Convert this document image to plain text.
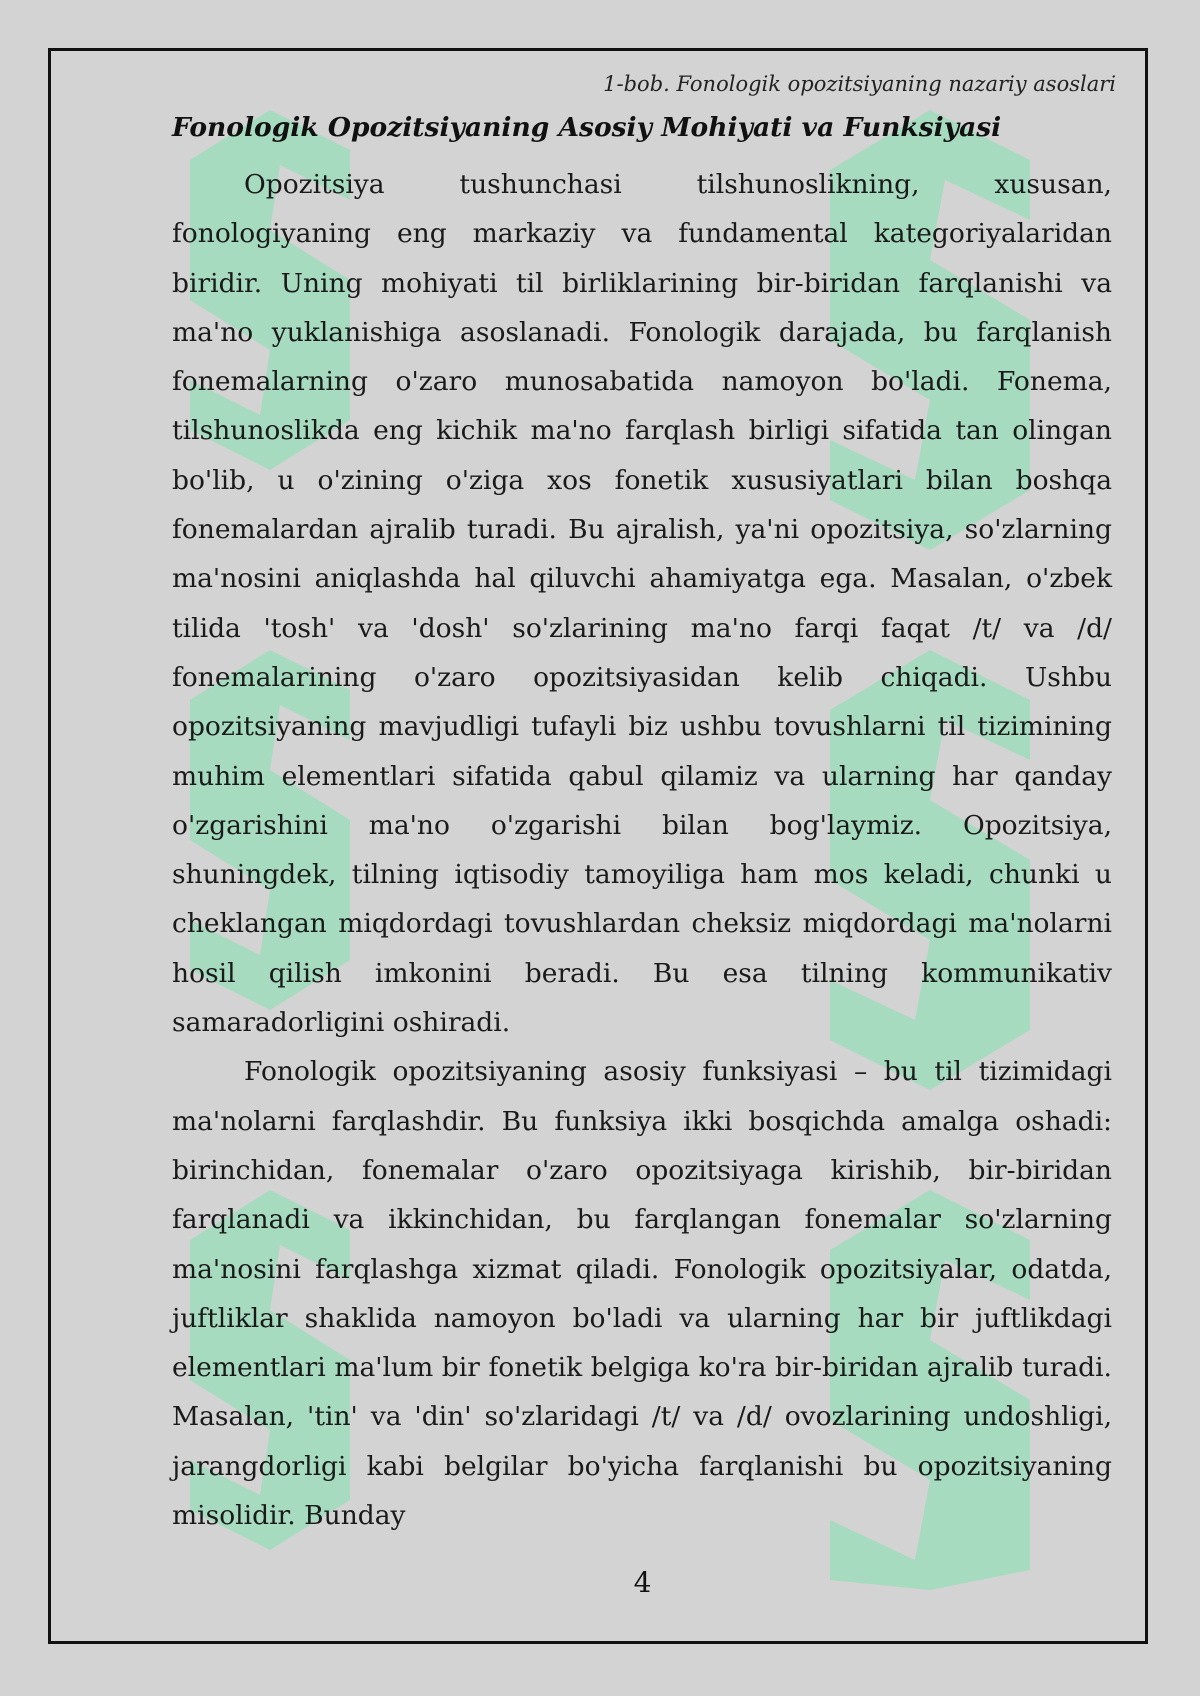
1-bob. Fonologik opozitsiyaning nazariy asoslari
Fonologik Opozitsiyaning Asosiy Mohiyati va Funksiyasi

Opozitsiya tushunchasi tilshunoslikning, xususan, fonologiyaning eng markaziy va fundamental kategoriyalaridan biridir. Uning mohiyati til birliklarining bir-biridan farqlanishi va ma'no yuklanishiga asoslanadi. Fonologik darajada, bu farqlanish fonemalarning o'zaro munosabatida namoyon bo'ladi. Fonema, tilshunoslikda eng kichik ma'no farqlash birligi sifatida tan olingan bo'lib, u o'zining o'ziga xos fonetik xususiyatlari bilan boshqa fonemalardan ajralib turadi. Bu ajralish, ya'ni opozitsiya, so'zlarning ma'nosini aniqlashda hal qiluvchi ahamiyatga ega. Masalan, o'zbek tilida 'tosh' va 'dosh' so'zlarining ma'no farqi faqat /t/ va /d/ fonemalarining o'zaro opozitsiyasidan kelib chiqadi. Ushbu opozitsiyaning mavjudligi tufayli biz ushbu tovushlarni til tizimining muhim elementlari sifatida qabul qilamiz va ularning har qanday o'zgarishini ma'no o'zgarishi bilan bog'laymiz. Opozitsiya, shuningdek, tilning iqtisodiy tamoyiliga ham mos keladi, chunki u cheklangan miqdordagi tovushlardan cheksiz miqdordagi ma'nolarni hosil qilish imkonini beradi. Bu esa tilning kommunikativ samaradorligini oshiradi.

Fonologik opozitsiyaning asosiy funksiyasi – bu til tizimidagi ma'nolarni farqlashdir. Bu funksiya ikki bosqichda amalga oshadi: birinchidan, fonemalar o'zaro opozitsiyaga kirishib, bir-biridan farqlanadi va ikkinchidan, bu farqlangan fonemalar so'zlarning ma'nosini farqlashga xizmat qiladi. Fonologik opozitsiyalar, odatda, juftliklar shaklida namoyon bo'ladi va ularning har bir juftlikdagi elementlari ma'lum bir fonetik belgiga ko'ra bir-biridan ajralib turadi. Masalan, 'tin' va 'din' so'zlaridagi /t/ va /d/ ovozlarining undoshligi, jarangdorligi kabi belgilar bo'yicha farqlanishi bu opozitsiyaning misolidir. Bunday

4
